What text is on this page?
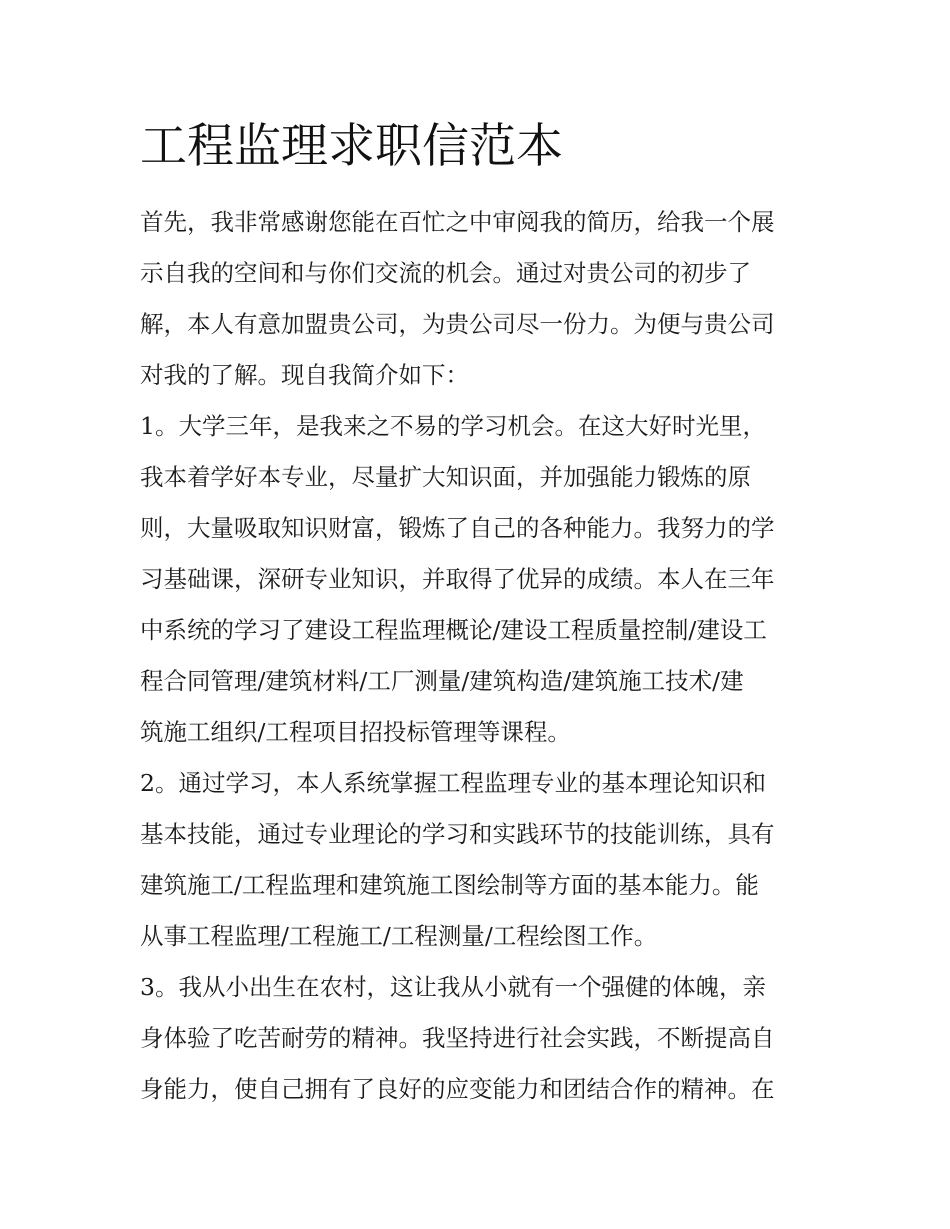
工程监理求职信范本
首先，我非常感谢您能在百忙之中审阅我的简历，给我一个展
示自我的空间和与你们交流的机会。通过对贵公司的初步了
解，本人有意加盟贵公司，为贵公司尽一份力。为便与贵公司
对我的了解。现自我简介如下：
1。大学三年，是我来之不易的学习机会。在这大好时光里，
我本着学好本专业，尽量扩大知识面，并加强能力锻炼的原
则，大量吸取知识财富，锻炼了自己的各种能力。我努力的学
习基础课，深研专业知识，并取得了优异的成绩。本人在三年
中系统的学习了建设工程监理概论/建设工程质量控制/建设工
程合同管理/建筑材料/工厂测量/建筑构造/建筑施工技术/建
筑施工组织/工程项目招投标管理等课程。
2。通过学习，本人系统掌握工程监理专业的基本理论知识和
基本技能，通过专业理论的学习和实践环节的技能训练，具有
建筑施工/工程监理和建筑施工图绘制等方面的基本能力。能
从事工程监理/工程施工/工程测量/工程绘图工作。
3。我从小出生在农村，这让我从小就有一个强健的体魄，亲
身体验了吃苦耐劳的精神。我坚持进行社会实践，不断提高自
身能力，使自己拥有了良好的应变能力和团结合作的精神。在
